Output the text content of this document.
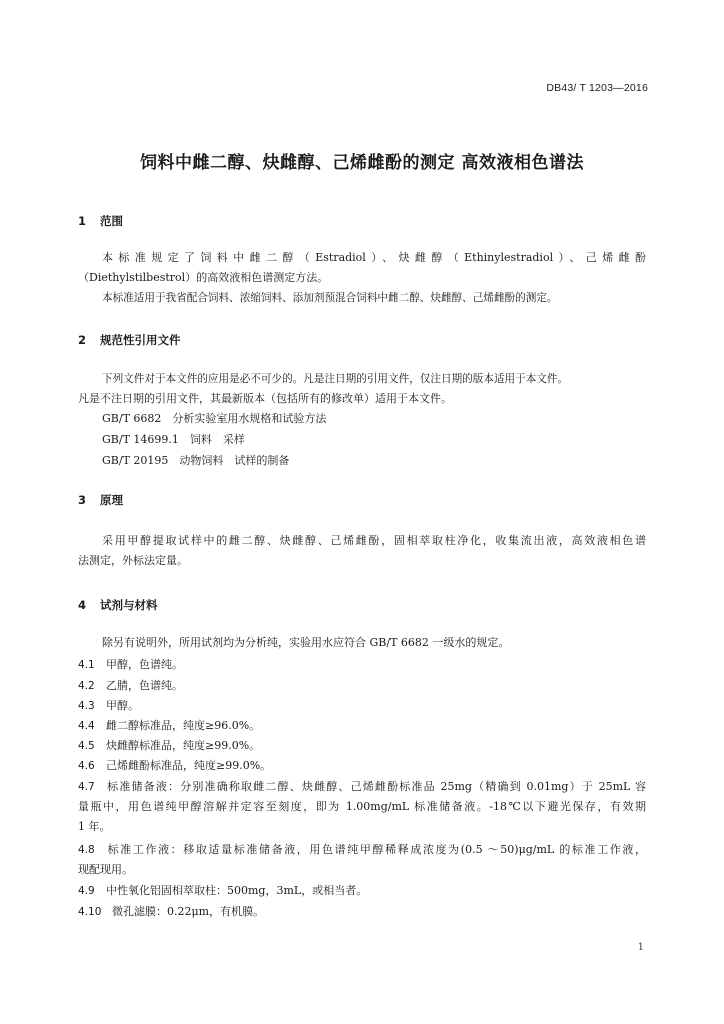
DB43/ T 1203—2016
饲料中雌二醇、炔雌醇、己烯雌酚的测定 高效液相色谱法
1 范围
本标准规定了饲料中雌二醇（Estradiol）、炔雌醇（Ethinylestradiol）、己烯雌酚
（Diethylstilbestrol）的高效液相色谱测定方法。
本标准适用于我省配合饲料、浓缩饲料、添加剂预混合饲料中雌二醇、炔雌醇、己烯雌酚的测定。
2 规范性引用文件
下列文件对于本文件的应用是必不可少的。凡是注日期的引用文件，仅注日期的版本适用于本文件。
凡是不注日期的引用文件，其最新版本（包括所有的修改单）适用于本文件。
GB/T 6682　分析实验室用水规格和试验方法
GB/T 14699.1　饲料　采样
GB/T 20195　动物饲料　试样的制备
3 原理
采用甲醇提取试样中的雌二醇、炔雌醇、己烯雌酚，固相萃取柱净化，收集流出液，高效液相色谱
法测定，外标法定量。
4 试剂与材料
除另有说明外，所用试剂均为分析纯，实验用水应符合 GB/T 6682 一级水的规定。
4.1 甲醇，色谱纯。
4.2 乙腈，色谱纯。
4.3 甲醇。
4.4 雌二醇标准品，纯度≥96.0%。
4.5 炔雌醇标准品，纯度≥99.0%。
4.6 己烯雌酚标准品，纯度≥99.0%。
4.7 标准储备液：分别准确称取雌二醇、炔雌醇、己烯雌酚标准品 25mg（精确到 0.01mg）于 25mL 容
量瓶中，用色谱纯甲醇溶解并定容至刻度，即为 1.00mg/mL 标准储备液。-18℃以下避光保存，有效期
1 年。
4.8 标准工作液：移取适量标准储备液，用色谱纯甲醇稀释成浓度为(0.5 ～50)μg/mL 的标准工作液，
现配现用。
4.9 中性氧化铝固相萃取柱：500mg，3mL，或相当者。
4.10 微孔滤膜：0.22μm，有机膜。
1
